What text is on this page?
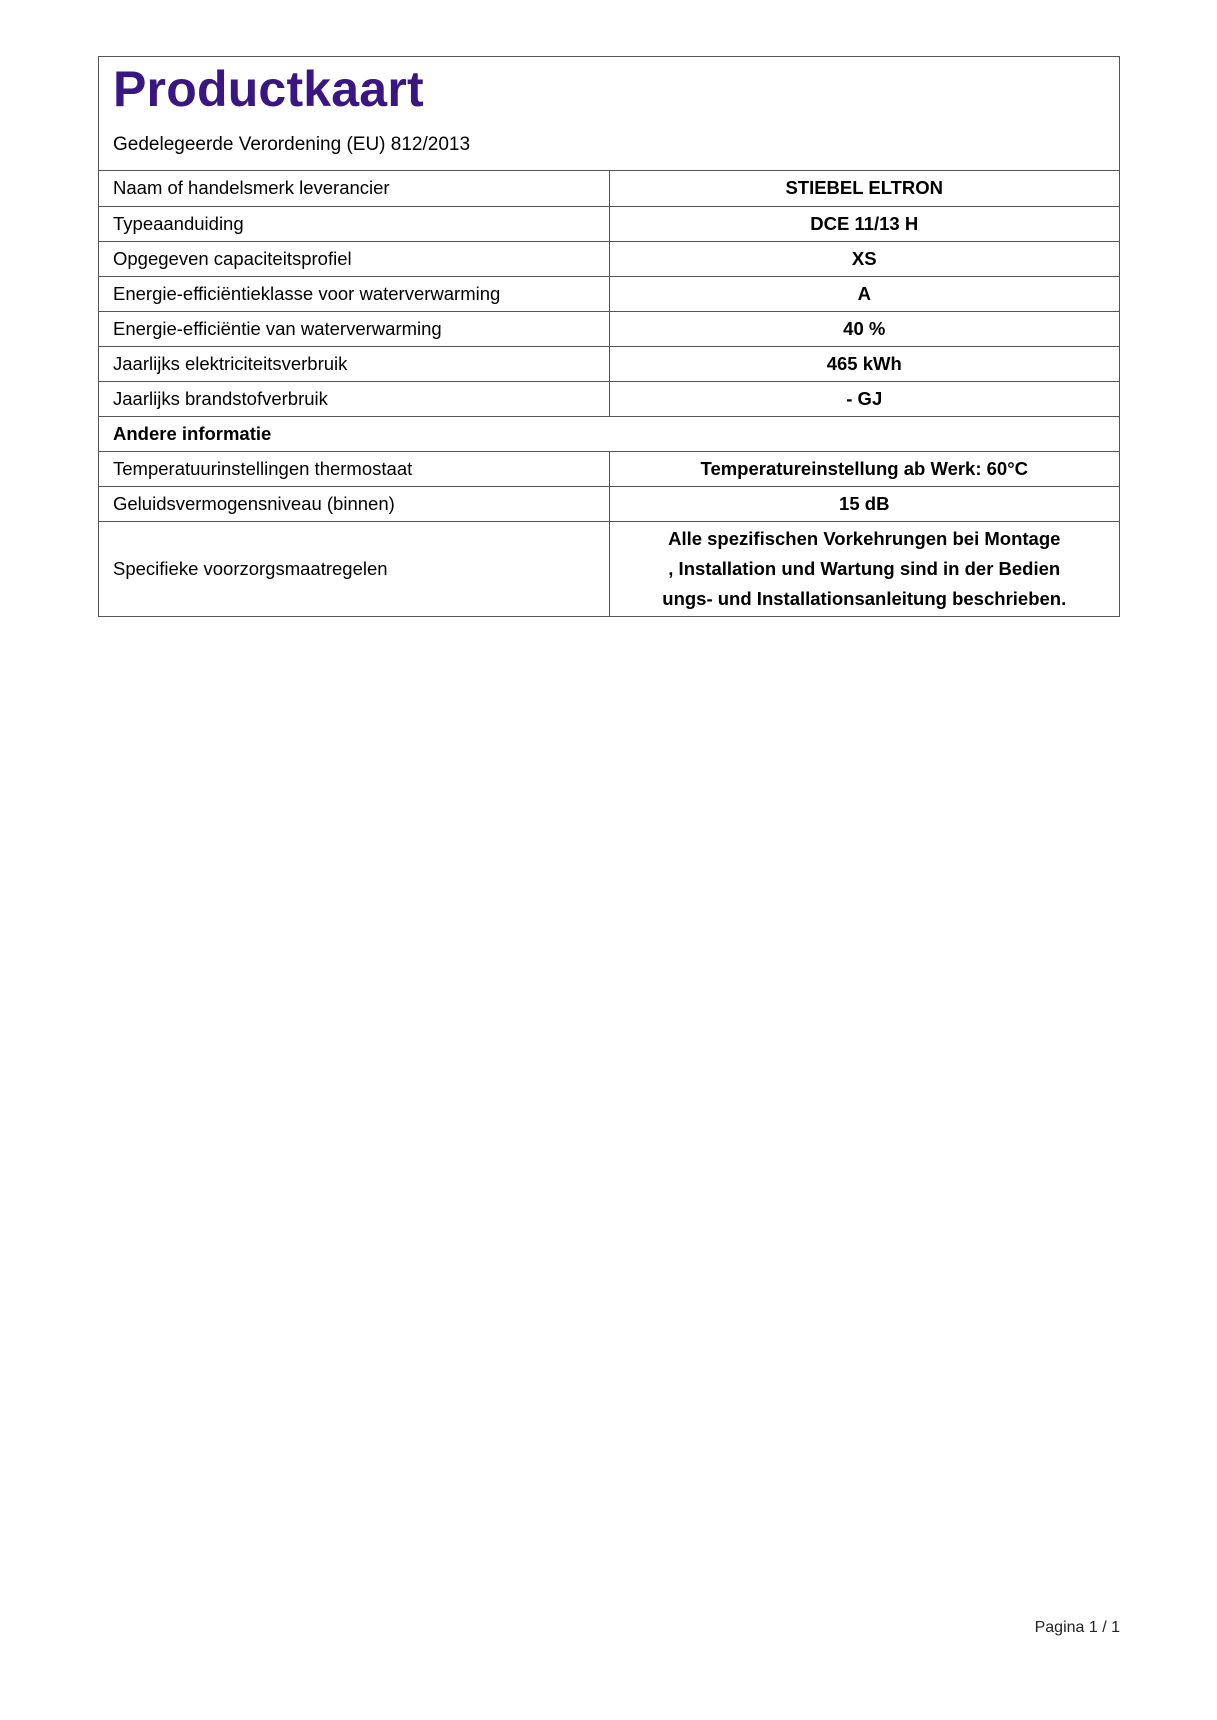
Productkaart
Gedelegeerde Verordening (EU) 812/2013
Naam of handelsmerk leverancier	STIEBEL ELTRON
Typeaanduiding	DCE 11/13 H
Opgegeven capaciteitsprofiel	XS
Energie-efficiëntieklasse voor waterverwarming	A
Energie-efficiëntie van waterverwarming	40 %
Jaarlijks elektriciteitsverbruik	465 kWh
Jaarlijks brandstofverbruik	- GJ
Andere informatie	
Temperatuurinstellingen thermostaat	Temperatureinstellung ab Werk: 60°C
Geluidsvermogensniveau (binnen)	15 dB
Specifieke voorzorgsmaatregelen	Alle spezifischen Vorkehrungen bei Montage
, Installation und Wartung sind in der Bedien
ungs- und Installationsanleitung beschrieben.
Pagina 1 / 1
